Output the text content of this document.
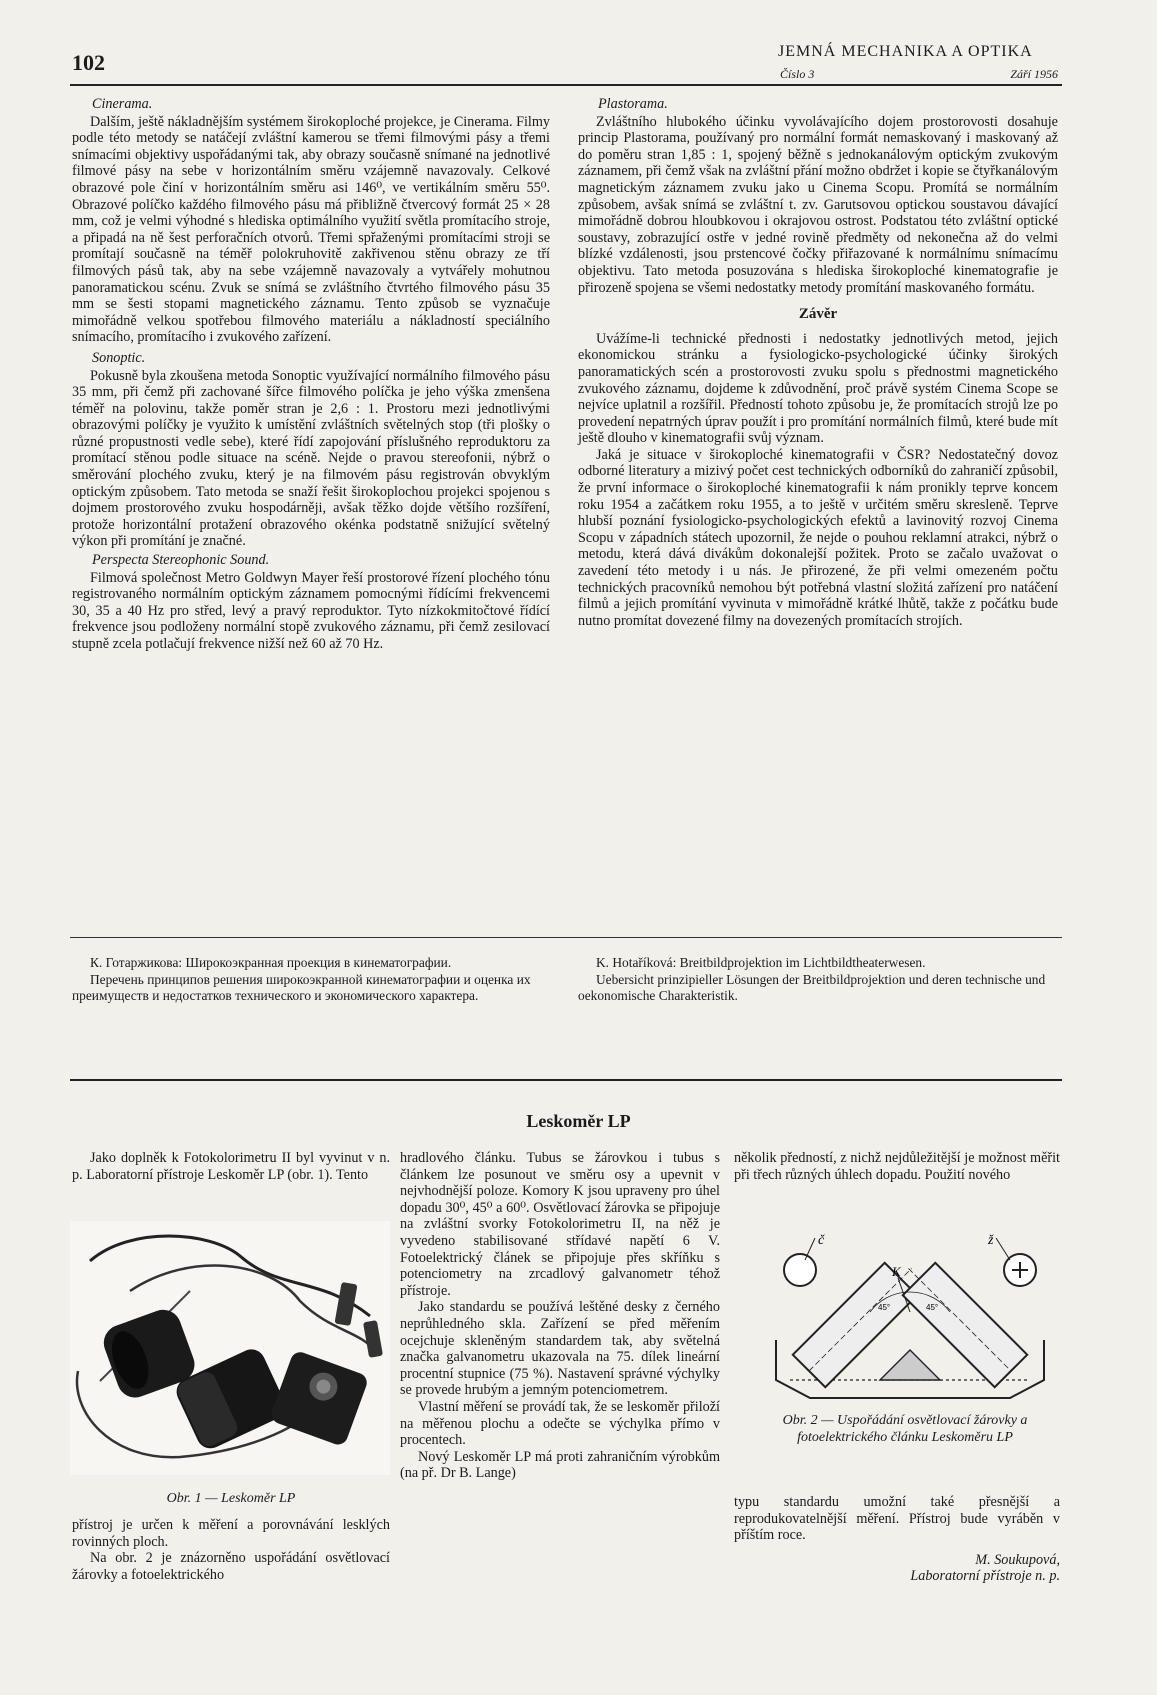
102	JEMNÁ MECHANIKA A OPTIKA
Číslo 3	Září 1956
Cinerama.

Dalším, ještě nákladnějším systémem širokoploché projekce, je Cinerama. Filmy podle této metody se natáčejí zvláštní kamerou se třemi filmovými pásy a třemi snímacími objektivy uspořádanými tak, aby obrazy současně snímané na jednotlivé filmové pásy na sebe v horizontálním směru vzájemně navazovaly. Celkové obrazové pole činí v horizontálním směru asi 146⁰, ve vertikálním směru 55⁰. Obrazové políčko každého filmového pásu má přibližně čtvercový formát 25 × 28 mm, což je velmi výhodné s hlediska optimálního využití světla promítacího stroje, a připadá na ně šest perforačních otvorů. Třemi spřaženými promítacími stroji se promítají současně na téměř polokruhovitě zakřivenou stěnu obrazy ze tří filmových pásů tak, aby na sebe vzájemně navazovaly a vytvářely mohutnou panoramatickou scénu. Zvuk se snímá se zvláštního čtvrtého filmového pásu 35 mm se šesti stopami magnetického záznamu. Tento způsob se vyznačuje mimořádně velkou spotřebou filmového materiálu a nákladností speciálního snímacího, promítacího i zvukového zařízení.

Sonoptic.

Pokusně byla zkoušena metoda Sonoptic využívající normálního filmového pásu 35 mm, při čemž při zachované šířce filmového políčka je jeho výška zmenšena téměř na polovinu, takže poměr stran je 2,6 : 1. Prostoru mezi jednotlivými obrazovými políčky je využito k umístění zvláštních světelných stop (tři plošky o různé propustnosti vedle sebe), které řídí zapojování příslušného reproduktoru za promítací stěnou podle situace na scéně. Nejde o pravou stereofonii, nýbrž o směrování plochého zvuku, který je na filmovém pásu registrován obvyklým optickým způsobem. Tato metoda se snaží řešit širokoplochou projekci spojenou s dojmem prostorového zvuku hospodárněji, avšak těžko dojde většího rozšíření, protože horizontální protažení obrazového okénka podstatně snižující světelný výkon při promítání je značné.

Perspecta Stereophonic Sound.

Filmová společnost Metro Goldwyn Mayer řeší prostorové řízení plochého tónu registrovaného normálním optickým záznamem pomocnými řídícími frekvencemi 30, 35 a 40 Hz pro střed, levý a pravý reproduktor. Tyto nízkokmitočtové řídící frekvence jsou podloženy normální stopě zvukového záznamu, při čemž zesilovací stupně zcela potlačují frekvence nižší než 60 až 70 Hz.

Plastorama.

Zvláštního hlubokého účinku vyvolávajícího dojem prostorovosti dosahuje princip Plastorama, používaný pro normální formát nemaskovaný i maskovaný až do poměru stran 1,85 : 1, spojený běžně s jednokanálovým optickým zvukovým záznamem, při čemž však na zvláštní přání možno obdržet i kopie se čtyřkanálovým magnetickým záznamem zvuku jako u Cinema Scopu. Promítá se normálním způsobem, avšak snímá se zvláštní t. zv. Garutsovou optickou soustavou dávající mimořádně dobrou hloubkovou i okrajovou ostrost. Podstatou této zvláštní optické soustavy, zobrazující ostře v jedné rovině předměty od nekonečna až do velmi blízké vzdálenosti, jsou prstencové čočky přiřazované k normálnímu snímacímu objektivu. Tato metoda posuzována s hlediska širokoploché kinematografie je přirozeně spojena se všemi nedostatky metody promítání maskovaného formátu.

Závěr

Uvážíme-li technické přednosti i nedostatky jednotlivých metod, jejich ekonomickou stránku a fysiologicko-psychologické účinky širokých panoramatických scén a prostorovosti zvuku spolu s přednostmi magnetického zvukového záznamu, dojdeme k zdůvodnění, proč právě systém Cinema Scope se nejvíce uplatnil a rozšířil. Předností tohoto způsobu je, že promítacích strojů lze po provedení nepatrných úprav použít i pro promítání normálních filmů, které bude mít ještě dlouho v kinematografii svůj význam.

Jaká je situace v širokoploché kinematografii v ČSR? Nedostatečný dovoz odborné literatury a mizivý počet cest technických odborníků do zahraničí způsobil, že první informace o širokoploché kinematografii k nám pronikly teprve koncem roku 1954 a začátkem roku 1955, a to ještě v určitém směru skresleně. Teprve hlubší poznání fysiologicko-psychologických efektů a lavinovitý rozvoj Cinema Scopu v západních státech upozornil, že nejde o pouhou reklamní atrakci, nýbrž o metodu, která dává divákům dokonalejší požitek. Proto se začalo uvažovat o zavedení této metody i u nás. Je přirozené, že při velmi omezeném počtu technických pracovníků nemohou být potřebná vlastní složitá zařízení pro natáčení filmů a jejich promítání vyvinuta v mimořádně krátké lhůtě, takže z počátku bude nutno promítat dovezené filmy na dovezených promítacích strojích.

К. Готаржикова: Широкоэкранная проекция в кинематографии.

Перечень принципов решения широкоэкранной кинематографии и оценка их преимуществ и недостатков технического и экономического характера.

K. Hotaříková: Breitbildprojektion im Lichtbildtheaterwesen.

Uebersicht prinzipieller Lösungen der Breitbildprojektion und deren technische und oekonomische Charakteristik.

Leskoměr LP

Jako doplněk k Fotokolorimetru II byl vyvinut v n. p. Laboratorní přístroje Leskoměr LP (obr. 1). Tento

Obr. 1 — Leskoměr LP

přístroj je určen k měření a porovnávání lesklých rovinných ploch.

Na obr. 2 je znázorněno uspořádání osvětlovací žárovky a fotoelektrického

hradlového článku. Tubus se žárovkou i tubus s článkem lze posunout ve směru osy a upevnit v nejvhodnější poloze. Komory K jsou upraveny pro úhel dopadu 30⁰, 45⁰ a 60⁰. Osvětlovací žárovka se připojuje na zvláštní svorky Fotokolorimetru II, na něž je vyvedeno stabilisované střídavé napětí 6 V. Fotoelektrický článek se připojuje přes skříňku s potenciometry na zrcadlový galvanometr téhož přístroje.

Jako standardu se používá leštěné desky z černého neprůhledného skla. Zařízení se před měřením ocejchuje skleněným standardem tak, aby světelná značka galvanometru ukazovala na 75. dílek lineární procentní stupnice (75 %). Nastavení správné výchylky se provede hrubým a jemným potenciometrem.

Vlastní měření se provádí tak, že se leskoměr přiloží na měřenou plochu a odečte se výchylka přímo v procentech.

Nový Leskoměr LP má proti zahraničním výrobkům (na př. Dr B. Lange)

několik předností, z nichž nejdůležitější je možnost měřit při třech různých úhlech dopadu. Použití nového

č	ž
K
45°	45°
Obr. 2 — Uspořádání osvětlovací žárovky a fotoelektrického článku Leskoměru LP

typu standardu umožní také přesnější a reprodukovatelnější měření. Přístroj bude vyráběn v příštím roce.

M. Soukupová,

Laboratorní přístroje n. p.
